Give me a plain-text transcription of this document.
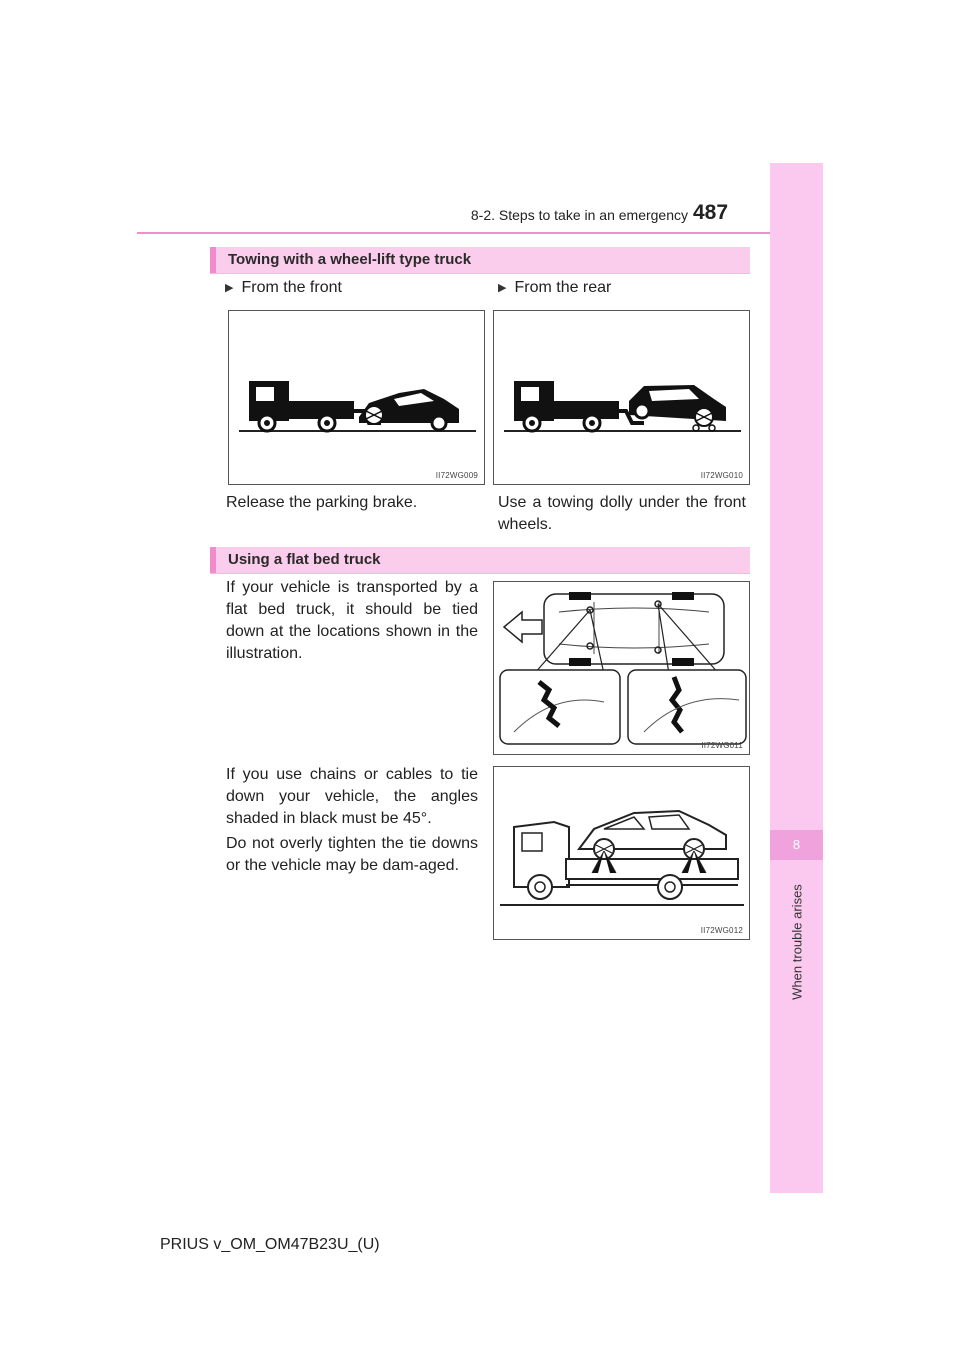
8-2. Steps to take in an emergency 487
8
When trouble arises
Towing with a wheel-lift type truck
▶ From the front	▶ From the rear
II72WG009	II72WG010
Release the parking brake.	Use a towing dolly under the front wheels.
Using a flat bed truck
If your vehicle is transported by a flat bed truck, it should be tied down at the locations shown in the illustration.
If you use chains or cables to tie down your vehicle, the angles shaded in black must be 45°.
Do not overly tighten the tie downs or the vehicle may be dam-aged.
II72WG011
II72WG012
PRIUS v_OM_OM47B23U_(U)
